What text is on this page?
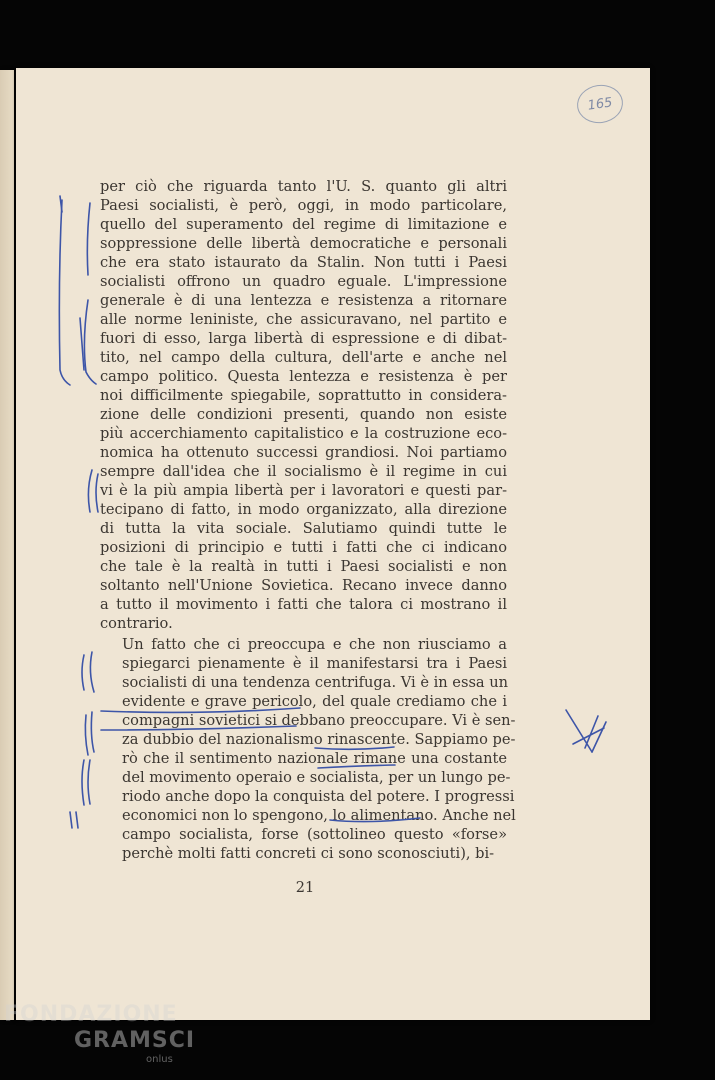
165

per ciò che riguarda tanto l'U. S. quanto gli altri
Paesi socialisti, è però, oggi, in modo particolare,
quello del superamento del regime di limitazione e
soppressione delle libertà democratiche e personali
che era stato istaurato da Stalin. Non tutti i Paesi
socialisti offrono un quadro eguale. L'impressione
generale è di una lentezza e resistenza a ritornare
alle norme leniniste, che assicuravano, nel partito e
fuori di esso, larga libertà di espressione e di dibat-
tito, nel campo della cultura, dell'arte e anche nel
campo politico. Questa lentezza e resistenza è per
noi difficilmente spiegabile, soprattutto in considera-
zione delle condizioni presenti, quando non esiste
più accerchiamento capitalistico e la costruzione eco-
nomica ha ottenuto successi grandiosi. Noi partiamo
sempre dall'idea che il socialismo è il regime in cui
vi è la più ampia libertà per i lavoratori e questi par-
tecipano di fatto, in modo organizzato, alla direzione
di tutta la vita sociale. Salutiamo quindi tutte le
posizioni di principio e tutti i fatti che ci indicano
che tale è la realtà in tutti i Paesi socialisti e non
soltanto nell'Unione Sovietica. Recano invece danno
a tutto il movimento i fatti che talora ci mostrano il
contrario.

Un fatto che ci preoccupa e che non riusciamo a
spiegarci pienamente è il manifestarsi tra i Paesi
socialisti di una tendenza centrifuga. Vi è in essa un
evidente e grave pericolo, del quale crediamo che i
compagni sovietici si debbano preoccupare. Vi è sen-
za dubbio del nazionalismo rinascente. Sappiamo pe-
rò che il sentimento nazionale rimane una costante
del movimento operaio e socialista, per un lungo pe-
riodo anche dopo la conquista del potere. I progressi
economici non lo spengono, lo alimentano. Anche nel
campo socialista, forse (sottolineo questo «forse»
perchè molti fatti concreti ci sono sconosciuti), bi-

21
FONDAZIONE
GRAMSCI
onlus
